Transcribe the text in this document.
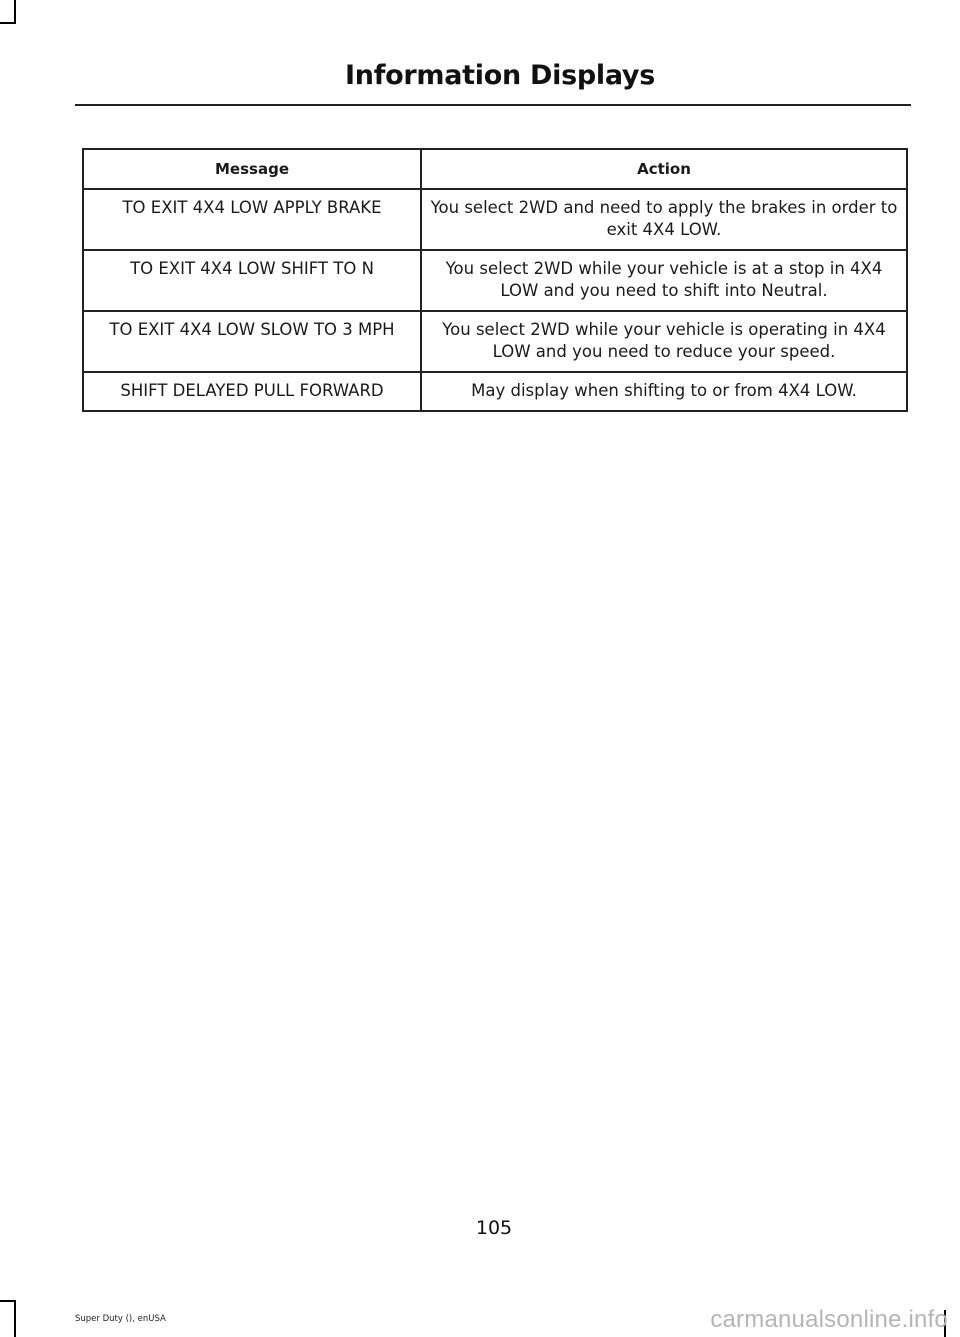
Information Displays
Message	Action
TO EXIT 4X4 LOW APPLY BRAKE	You select 2WD and need to apply the brakes in order to exit 4X4 LOW.
TO EXIT 4X4 LOW SHIFT TO N	You select 2WD while your vehicle is at a stop in 4X4 LOW and you need to shift into Neutral.
TO EXIT 4X4 LOW SLOW TO 3 MPH	You select 2WD while your vehicle is operating in 4X4 LOW and you need to reduce your speed.
SHIFT DELAYED PULL FORWARD	May display when shifting to or from 4X4 LOW.
105
Super Duty (), enUSA	carmanualsonline.info
